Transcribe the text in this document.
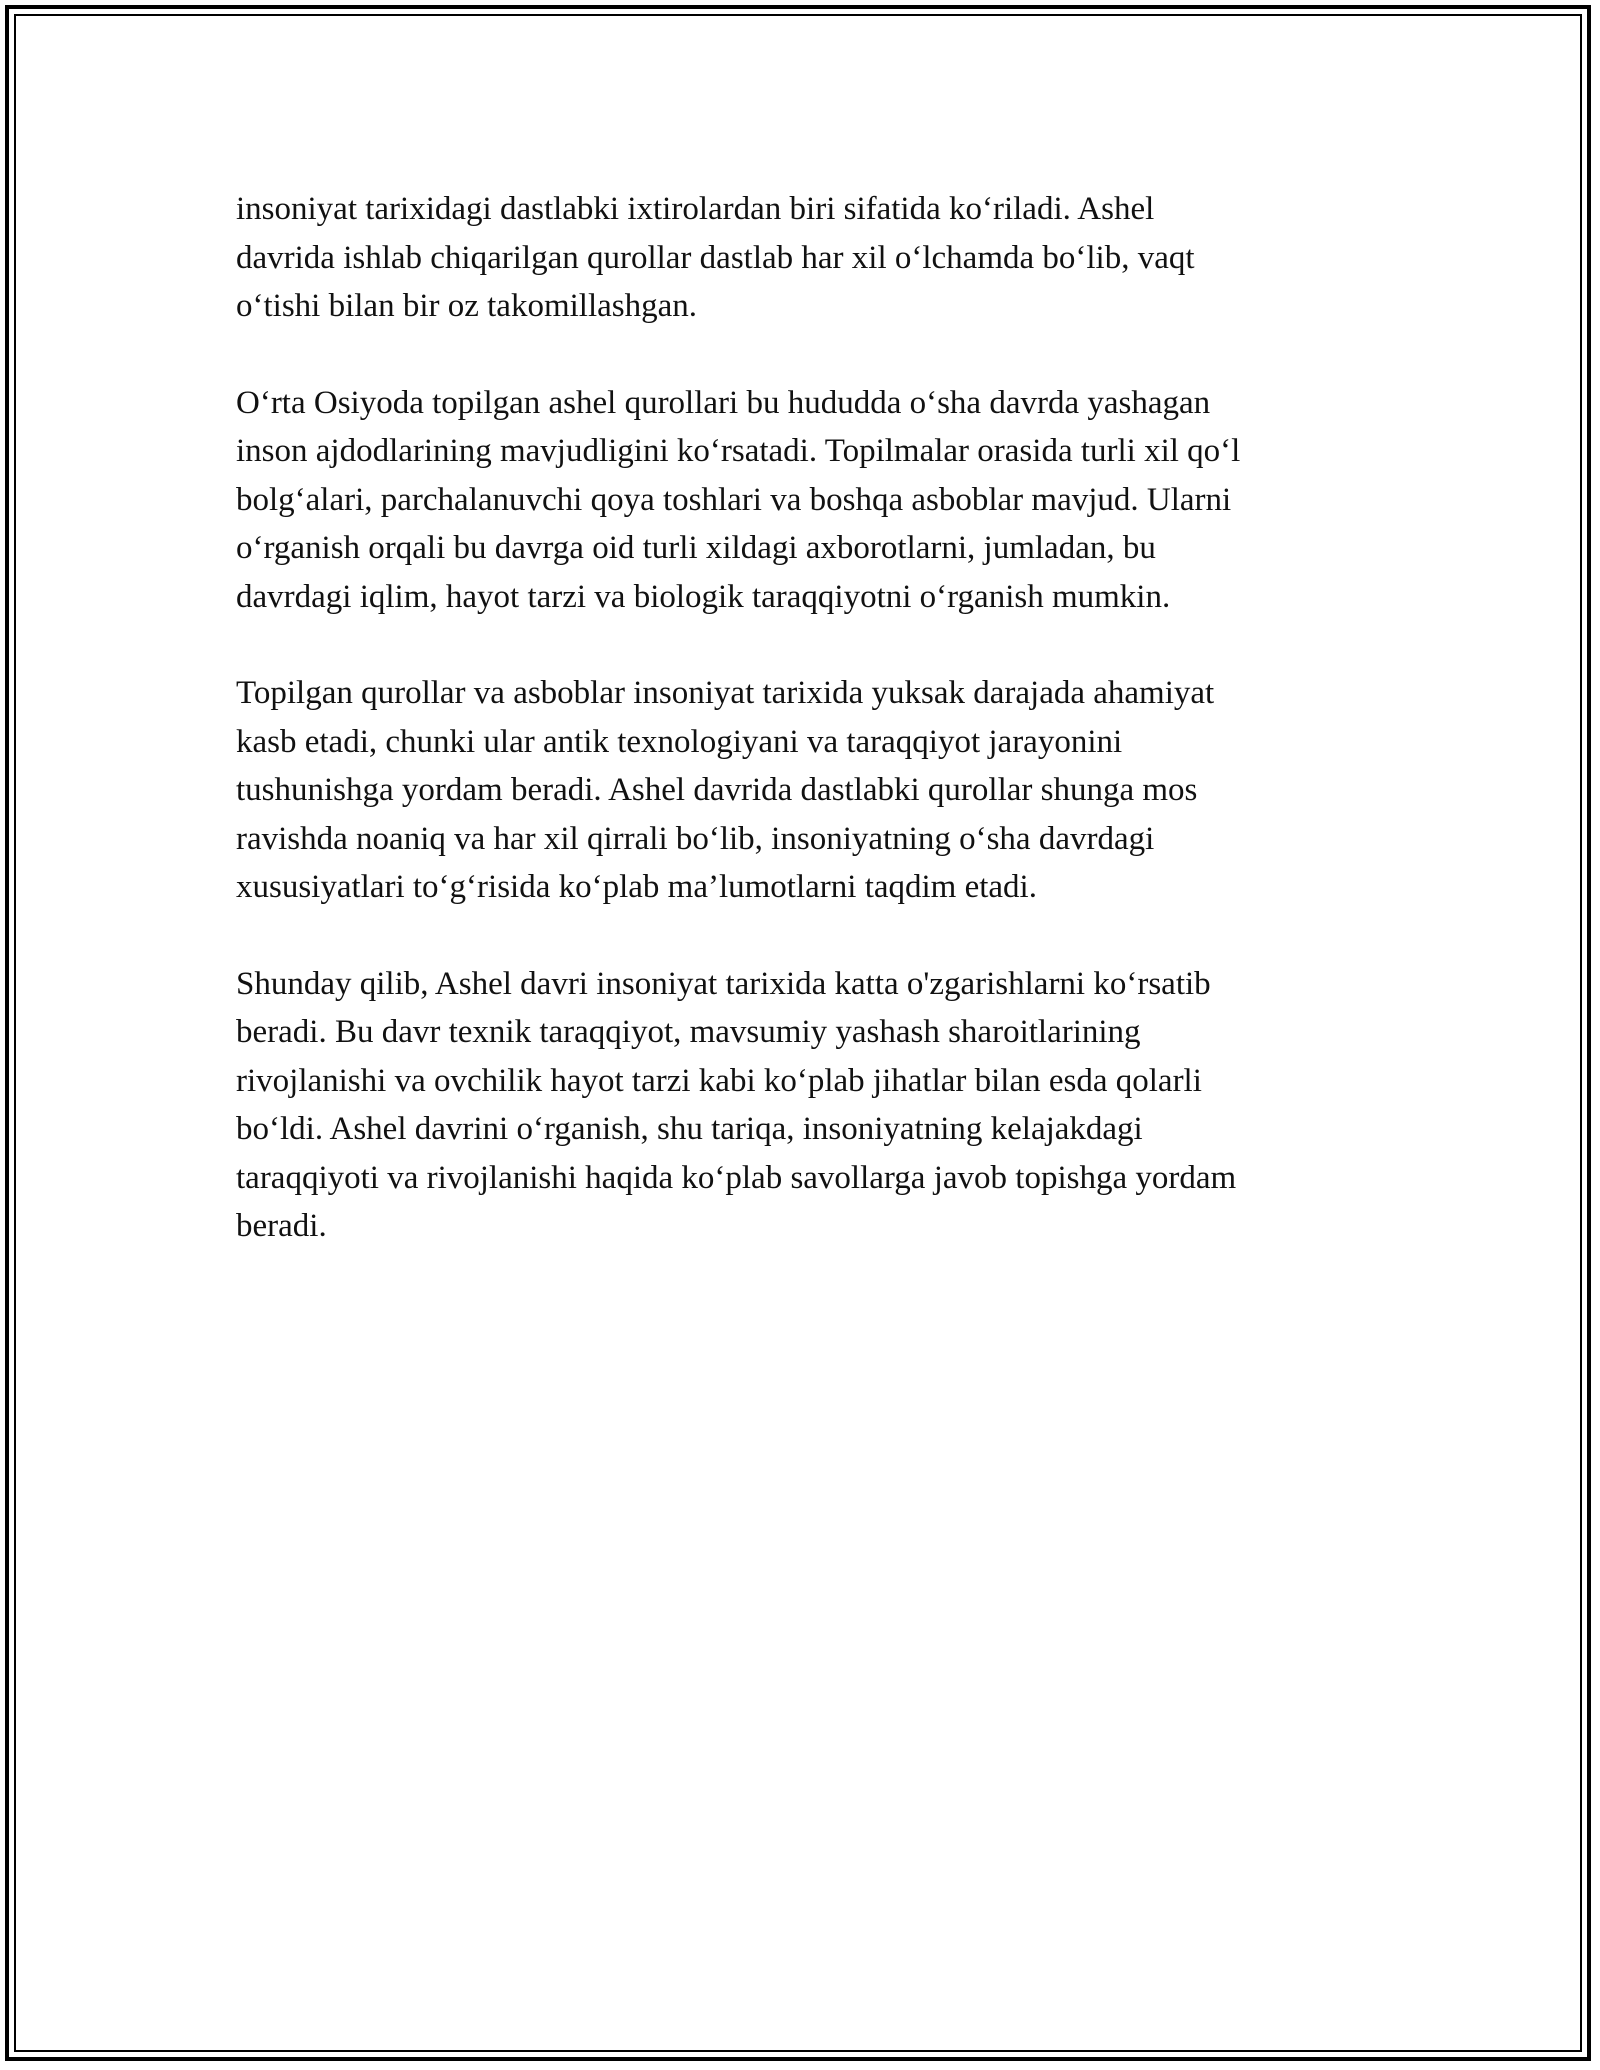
insoniyat tarixidagi dastlabki ixtirolardan biri sifatida ko‘riladi. Ashel
davrida ishlab chiqarilgan qurollar dastlab har xil o‘lchamda bo‘lib, vaqt
o‘tishi bilan bir oz takomillashgan.

O‘rta Osiyoda topilgan ashel qurollari bu hududda o‘sha davrda yashagan
inson ajdodlarining mavjudligini ko‘rsatadi. Topilmalar orasida turli xil qo‘l
bolg‘alari, parchalanuvchi qoya toshlari va boshqa asboblar mavjud. Ularni
o‘rganish orqali bu davrga oid turli xildagi axborotlarni, jumladan, bu
davrdagi iqlim, hayot tarzi va biologik taraqqiyotni o‘rganish mumkin.

Topilgan qurollar va asboblar insoniyat tarixida yuksak darajada ahamiyat
kasb etadi, chunki ular antik texnologiyani va taraqqiyot jarayonini
tushunishga yordam beradi. Ashel davrida dastlabki qurollar shunga mos
ravishda noaniq va har xil qirrali bo‘lib, insoniyatning o‘sha davrdagi
xususiyatlari to‘g‘risida ko‘plab ma’lumotlarni taqdim etadi.

Shunday qilib, Ashel davri insoniyat tarixida katta o'zgarishlarni ko‘rsatib
beradi. Bu davr texnik taraqqiyot, mavsumiy yashash sharoitlarining
rivojlanishi va ovchilik hayot tarzi kabi ko‘plab jihatlar bilan esda qolarli
bo‘ldi. Ashel davrini o‘rganish, shu tariqa, insoniyatning kelajakdagi
taraqqiyoti va rivojlanishi haqida ko‘plab savollarga javob topishga yordam
beradi.
